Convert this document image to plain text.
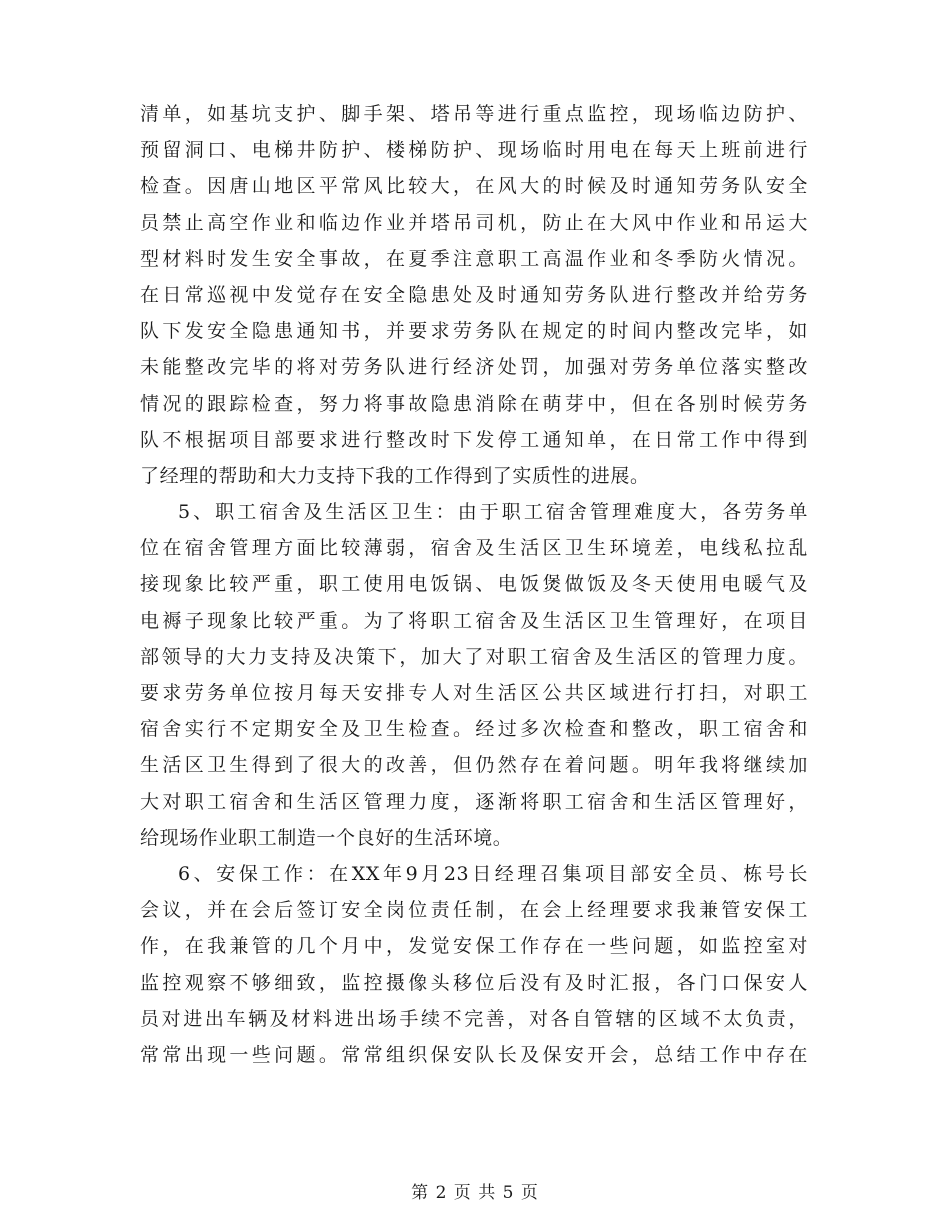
清单，如基坑支护、脚手架、塔吊等进行重点监控，现场临边防护、
预留洞口、电梯井防护、楼梯防护、现场临时用电在每天上班前进行
检查。因唐山地区平常风比较大，在风大的时候及时通知劳务队安全
员禁止高空作业和临边作业并塔吊司机，防止在大风中作业和吊运大
型材料时发生安全事故，在夏季注意职工高温作业和冬季防火情况。
在日常巡视中发觉存在安全隐患处及时通知劳务队进行整改并给劳务
队下发安全隐患通知书，并要求劳务队在规定的时间内整改完毕，如
未能整改完毕的将对劳务队进行经济处罚，加强对劳务单位落实整改
情况的跟踪检查，努力将事故隐患消除在萌芽中，但在各别时候劳务
队不根据项目部要求进行整改时下发停工通知单，在日常工作中得到
了经理的帮助和大力支持下我的工作得到了实质性的进展。
5、职工宿舍及生活区卫生：由于职工宿舍管理难度大，各劳务单
位在宿舍管理方面比较薄弱，宿舍及生活区卫生环境差，电线私拉乱
接现象比较严重，职工使用电饭锅、电饭煲做饭及冬天使用电暖气及
电褥子现象比较严重。为了将职工宿舍及生活区卫生管理好，在项目
部领导的大力支持及决策下，加大了对职工宿舍及生活区的管理力度。
要求劳务单位按月每天安排专人对生活区公共区域进行打扫，对职工
宿舍实行不定期安全及卫生检查。经过多次检查和整改，职工宿舍和
生活区卫生得到了很大的改善，但仍然存在着问题。明年我将继续加
大对职工宿舍和生活区管理力度，逐渐将职工宿舍和生活区管理好，
给现场作业职工制造一个良好的生活环境。
6、安保工作：在XX年9月23日经理召集项目部安全员、栋号长
会议，并在会后签订安全岗位责任制，在会上经理要求我兼管安保工
作，在我兼管的几个月中，发觉安保工作存在一些问题，如监控室对
监控观察不够细致，监控摄像头移位后没有及时汇报，各门口保安人
员对进出车辆及材料进出场手续不完善，对各自管辖的区域不太负责，
常常出现一些问题。常常组织保安队长及保安开会，总结工作中存在
第 2 页 共 5 页
